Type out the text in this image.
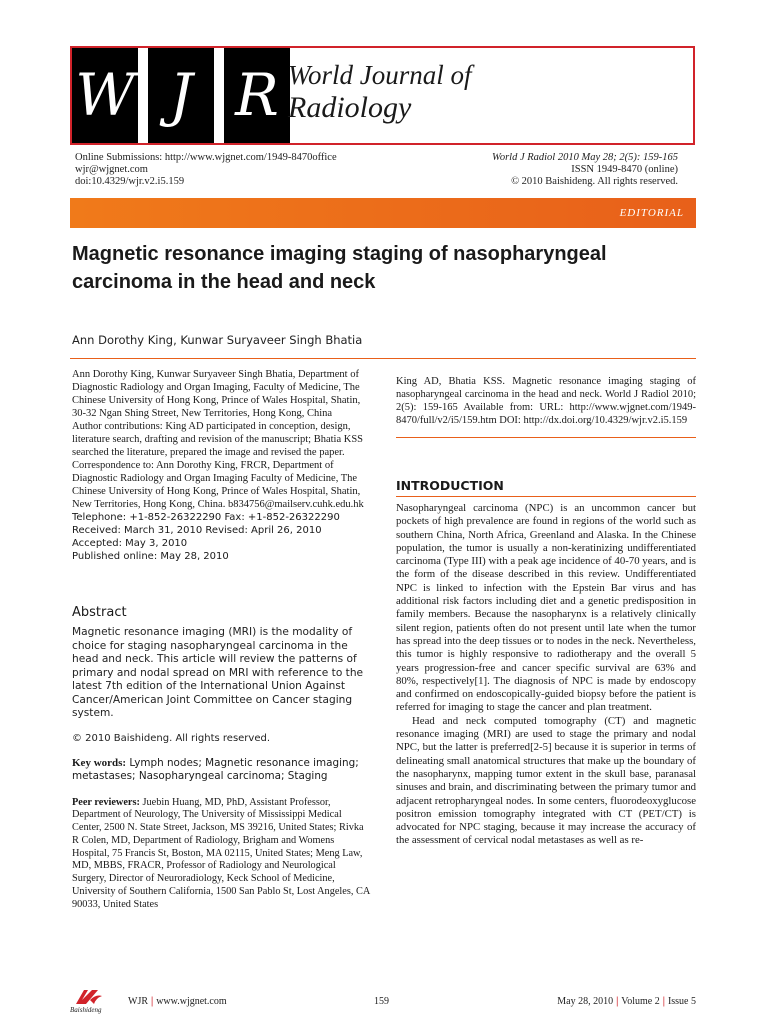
W J R World Journal of
Radiology
Online Submissions: http://www.wjgnet.com/1949-8470office
wjr@wjgnet.com
doi:10.4329/wjr.v2.i5.159
World J Radiol 2010 May 28; 2(5): 159-165
ISSN 1949-8470 (online)
© 2010 Baishideng. All rights reserved.
EDITORIAL
Magnetic resonance imaging staging of nasopharyngeal carcinoma in the head and neck
Ann Dorothy King, Kunwar Suryaveer Singh Bhatia

Ann Dorothy King, Kunwar Suryaveer Singh Bhatia, Department of Diagnostic Radiology and Organ Imaging, Faculty of Medicine, The Chinese University of Hong Kong, Prince of Wales Hospital, Shatin, 30-32 Ngan Shing Street, New Territories, Hong Kong, China

Author contributions: King AD participated in conception, design, literature search, drafting and revision of the manuscript; Bhatia KSS searched the literature, prepared the image and revised the paper.

Correspondence to: Ann Dorothy King, FRCR, Department of Diagnostic Radiology and Organ Imaging Faculty of Medicine, The Chinese University of Hong Kong, Prince of Wales Hospital, Shatin, New Territories, Hong Kong, China. b834756@mailserv.cuhk.edu.hk

Telephone: +1-852-26322290 Fax: +1-852-26322290

Received: March 31, 2010 Revised: April 26, 2010

Accepted: May 3, 2010

Published online: May 28, 2010

Abstract

Magnetic resonance imaging (MRI) is the modality of choice for staging nasopharyngeal carcinoma in the head and neck. This article will review the patterns of primary and nodal spread on MRI with reference to the latest 7th edition of the International Union Against Cancer/American Joint Committee on Cancer staging system.

© 2010 Baishideng. All rights reserved.

Key words: Lymph nodes; Magnetic resonance imaging; metastases; Nasopharyngeal carcinoma; Staging

Peer reviewers: Juebin Huang, MD, PhD, Assistant Professor, Department of Neurology, The University of Mississippi Medical Center, 2500 N. State Street, Jackson, MS 39216, United States; Rivka R Colen, MD, Department of Radiology, Brigham and Womens Hospital, 75 Francis St, Boston, MA 02115, United States; Meng Law, MD, MBBS, FRACR, Professor of Radiology and Neurological Surgery, Director of Neuroradiology, Keck School of Medicine, University of Southern California, 1500 San Pablo St, Lost Angeles, CA 90033, United States

King AD, Bhatia KSS. Magnetic resonance imaging staging of nasopharyngeal carcinoma in the head and neck. World J Radiol 2010; 2(5): 159-165 Available from: URL: http://www.wjgnet.com/1949-8470/full/v2/i5/159.htm DOI: http://dx.doi.org/10.4329/wjr.v2.i5.159

INTRODUCTION

Nasopharyngeal carcinoma (NPC) is an uncommon cancer but pockets of high prevalence are found in regions of the world such as southern China, North Africa, Greenland and Alaska. In the Chinese population, the tumor is usually a non-keratinizing undifferentiated carcinoma (Type III) with a peak age incidence of 40-70 years, and is the form of the disease described in this review. Undifferentiated NPC is linked to infection with the Epstein Bar virus and has additional risk factors including diet and a genetic predisposition in family members. Because the nasopharynx is a relatively clinically silent region, patients often do not present until late when the tumor has spread into the deep tissues or to nodes in the neck. Nevertheless, this tumor is highly responsive to radiotherapy and the overall 5 years progression-free and cancer specific survival are 63% and 80%, respectively[1]. The diagnosis of NPC is made by endoscopy and confirmed on endoscopically-guided biopsy before the patient is referred for imaging to stage the cancer and plan treatment.

Head and neck computed tomography (CT) and magnetic resonance imaging (MRI) are used to stage the primary and nodal NPC, but the latter is preferred[2-5] because it is superior in terms of delineating small anatomical structures that make up the boundary of the nasopharynx, mapping tumor extent in the skull base, paranasal sinuses and brain, and discriminating between the primary tumor and adjacent retropharyngeal nodes. In some centers, fluorodeoxyglucose positron emission tomography integrated with CT (PET/CT) is advocated for NPC staging, because it may increase the accuracy of the assessment of cervical nodal metastases as well as re-

Baishideng
WJR | www.wjgnet.com	159	May 28, 2010 | Volume 2 | Issue 5
